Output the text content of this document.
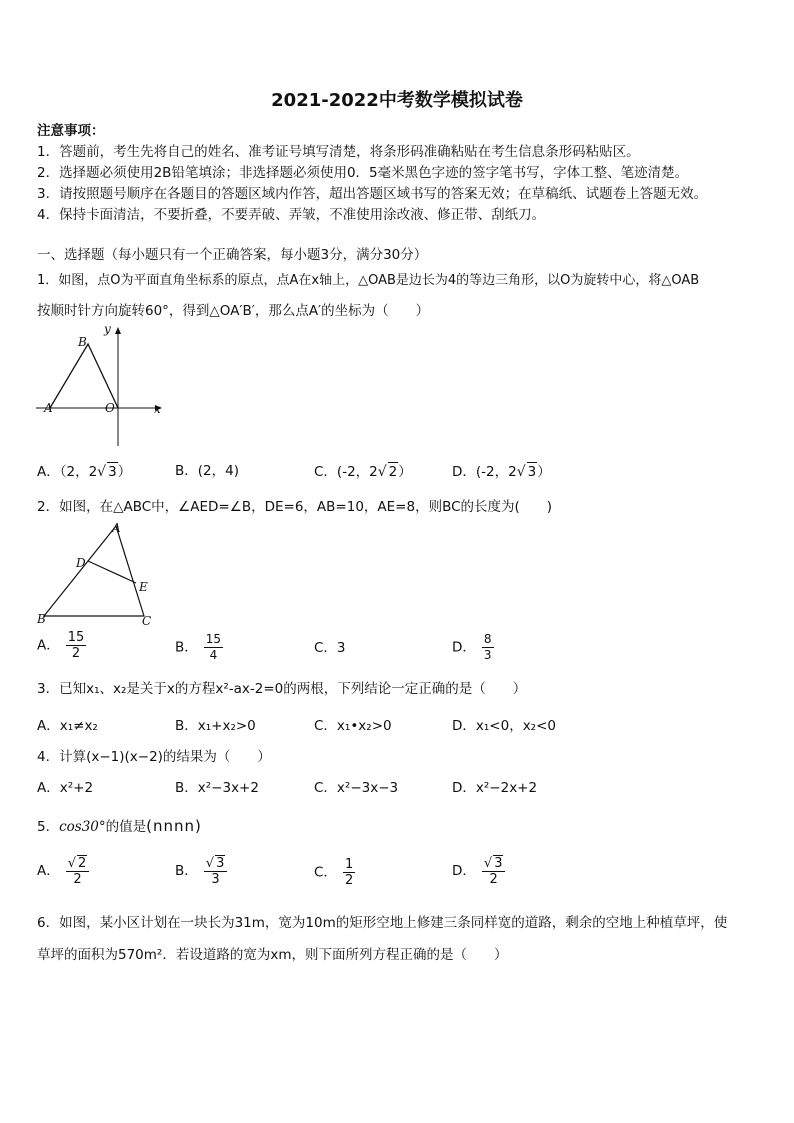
2021-2022中考数学模拟试卷
注意事项：
1．答题前，考生先将自己的姓名、准考证号填写清楚，将条形码准确粘贴在考生信息条形码粘贴区。
2．选择题必须使用2B铅笔填涂；非选择题必须使用0．5毫米黑色字迹的签字笔书写，字体工整、笔迹清楚。
3．请按照题号顺序在各题目的答题区域内作答，超出答题区域书写的答案无效；在草稿纸、试题卷上答题无效。
4．保持卡面清洁，不要折叠，不要弄破、弄皱，不准使用涂改液、修正带、刮纸刀。
一、选择题（每小题只有一个正确答案，每小题3分，满分30分）
1．如图，点O为平面直角坐标系的原点，点A在x轴上，△OAB是边长为4的等边三角形，以O为旋转中心，将△OAB
按顺时针方向旋转60°，得到△OA′B′，那么点A′的坐标为（　　）
B
A	O	x
y
A．（2，2√ 3）	B．(2，4)	C．(-2，2√ 2）	D．(-2，2√ 3）
2．如图，在△ABC中，∠AED=∠B，DE=6，AB=10，AE=8，则BC的长度为(　　)
A
D
E
B	C
A． $\frac{15}{2}$	B． $\frac{15}{4}$	C．3	D． $\frac{8}{3}$
3．已知x₁、x₂是关于x的方程x²-ax-2=0的两根，下列结论一定正确的是（　　）
A．x₁≠x₂	B．x₁+x₂>0	C．x₁•x₂>0	D．x₁<0，x₂<0
4．计算(x−1)(x−2)的结果为（　　）
A．x²+2	B．x²−3x+2	C．x²−3x−3	D．x²−2x+2
5．cos30°的值是(nnnn)
A． $\frac{√ 2}{2}$	B． $\frac{√ 3}{3}$	C． $\frac{1}{2}$	D． $\frac{√ 3}{2}$
6．如图，某小区计划在一块长为31m，宽为10m的矩形空地上修建三条同样宽的道路，剩余的空地上种植草坪，使
草坪的面积为570m²．若设道路的宽为xm，则下面所列方程正确的是（　　）
